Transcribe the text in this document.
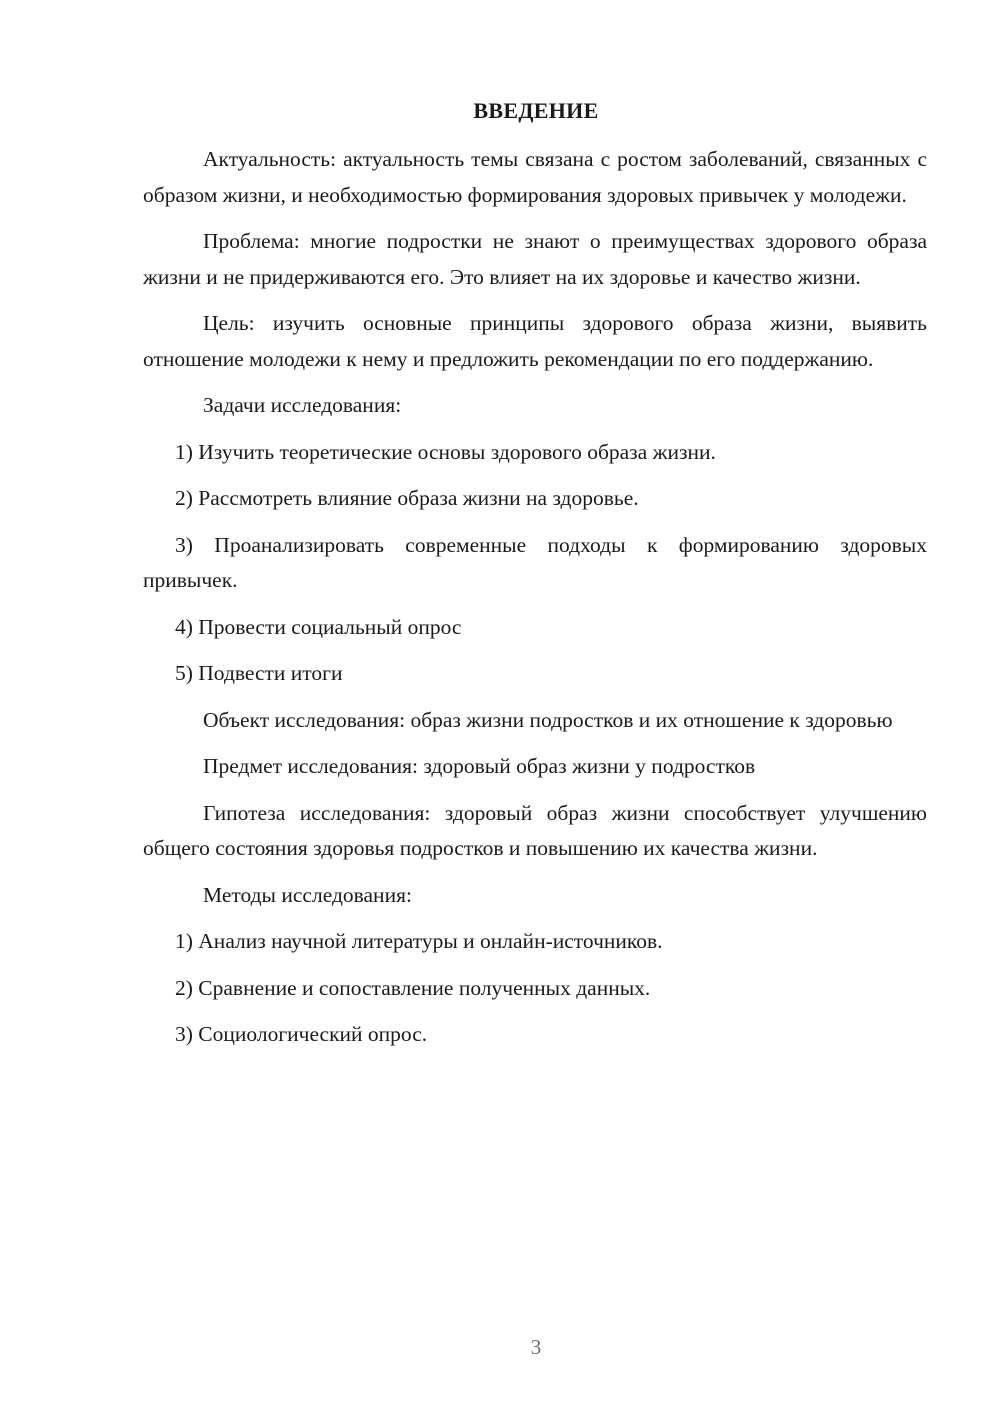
ВВЕДЕНИЕ

Актуальность: актуальность темы связана с ростом заболеваний, связанных с образом жизни, и необходимостью формирования здоровых привычек у молодежи.

Проблема: многие подростки не знают о преимуществах здорового образа жизни и не придерживаются его. Это влияет на их здоровье и качество жизни.

Цель: изучить основные принципы здорового образа жизни, выявить отношение молодежи к нему и предложить рекомендации по его поддержанию.

Задачи исследования:

1) Изучить теоретические основы здорового образа жизни.

2) Рассмотреть влияние образа жизни на здоровье.

3) Проанализировать современные подходы к формированию здоровых привычек.

4) Провести социальный опрос

5) Подвести итоги

Объект исследования: образ жизни подростков и их отношение к здоровью

Предмет исследования: здоровый образ жизни у подростков

Гипотеза исследования: здоровый образ жизни способствует улучшению общего состояния здоровья подростков и повышению их качества жизни.

Методы исследования:

1) Анализ научной литературы и онлайн-источников.

2) Сравнение и сопоставление полученных данных.

3) Социологический опрос.

3
